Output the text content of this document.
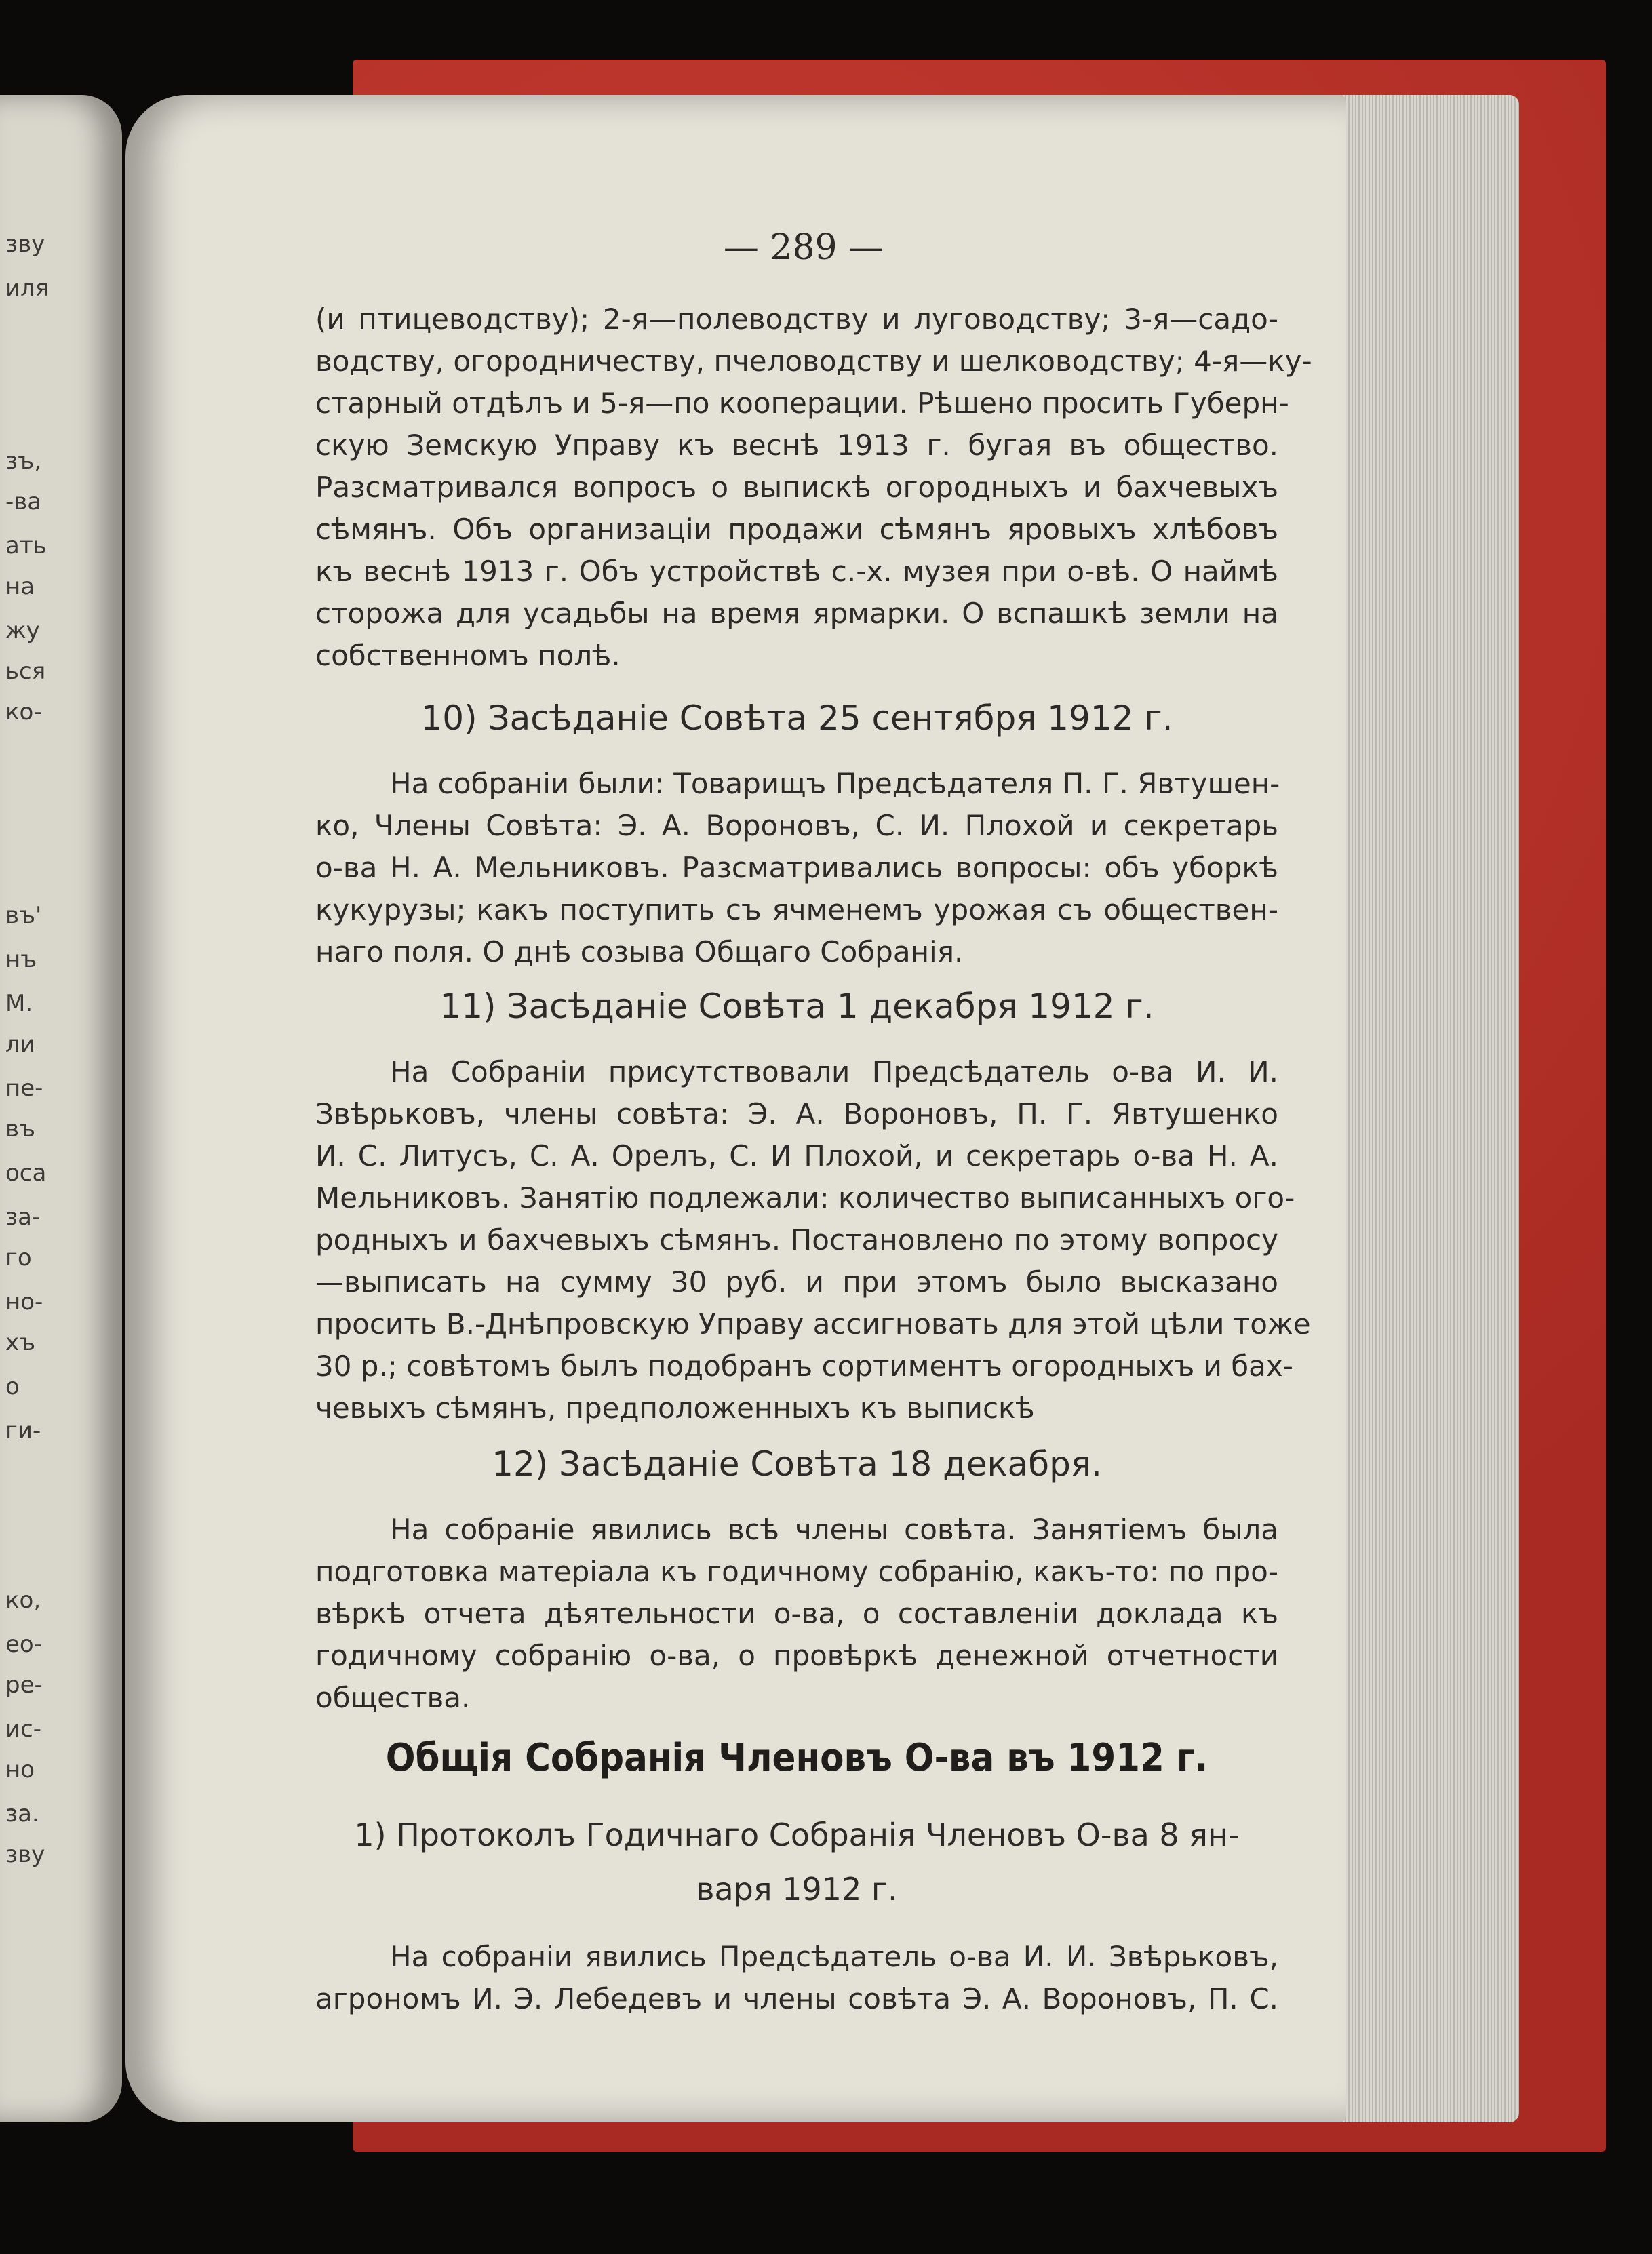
зву
иля
зъ,
-ва
ать
на
жу
ься
ко-
въ'
нъ
М.
ли
пе-
въ
оса
за-
го
но-
хъ
о
ги-
ко,
ео-
ре-
ис-
но
за.
зву
— 289 —
(и птицеводству); 2-я—полеводству и луговодству; 3-я—садо-
водству, огородничеству, пчеловодству и шелководству; 4-я—ку-
старный отдѣлъ и 5-я—по кооперации. Рѣшено просить Губерн-
скую Земскую Управу къ веснѣ 1913 г. бугая въ общество.
Разсматривался вопросъ о выпискѣ огородныхъ и бахчевыхъ
сѣмянъ. Объ организаціи продажи сѣмянъ яровыхъ хлѣбовъ
къ веснѣ 1913 г. Объ устройствѣ с.-х. музея при о-вѣ. О наймѣ
сторожа для усадьбы на время ярмарки. О вспашкѣ земли на
собственномъ полѣ.
10) Засѣданіе Совѣта 25 сентября 1912 г.
На собраніи были: Товарищъ Предсѣдателя П. Г. Явтушен-
ко, Члены Совѣта: Э. А. Вороновъ, С. И. Плохой и секретарь
о-ва Н. А. Мельниковъ. Разсматривались вопросы: объ уборкѣ
кукурузы; какъ поступить съ ячменемъ урожая съ обществен-
наго поля. О днѣ созыва Общаго Собранія.
11) Засѣданіе Совѣта 1 декабря 1912 г.
На Собраніи присутствовали Предсѣдатель о-ва И. И.
Звѣрьковъ, члены совѣта: Э. А. Вороновъ, П. Г. Явтушенко
И. С. Литусъ, С. А. Орелъ, С. И Плохой, и секретарь о-ва Н. А.
Мельниковъ. Занятію подлежали: количество выписанныхъ ого-
родныхъ и бахчевыхъ сѣмянъ. Постановлено по этому вопросу
—выписать на сумму 30 руб. и при этомъ было высказано
просить В.-Днѣпровскую Управу ассигновать для этой цѣли тоже
30 р.; совѣтомъ былъ подобранъ сортиментъ огородныхъ и бах-
чевыхъ сѣмянъ, предположенныхъ къ выпискѣ
12) Засѣданіе Совѣта 18 декабря.
На собраніе явились всѣ члены совѣта. Занятіемъ была
подготовка матеріала къ годичному собранію, какъ-то: по про-
вѣркѣ отчета дѣятельности о-ва, о составленіи доклада къ
годичному собранію о-ва, о провѣркѣ денежной отчетности
общества.
Общія Собранія Членовъ О-ва въ 1912 г.
1) Протоколъ Годичнаго Собранія Членовъ О-ва 8 ян-
варя 1912 г.
На собраніи явились Предсѣдатель о-ва И. И. Звѣрьковъ,
агрономъ И. Э. Лебедевъ и члены совѣта Э. А. Вороновъ, П. С.
